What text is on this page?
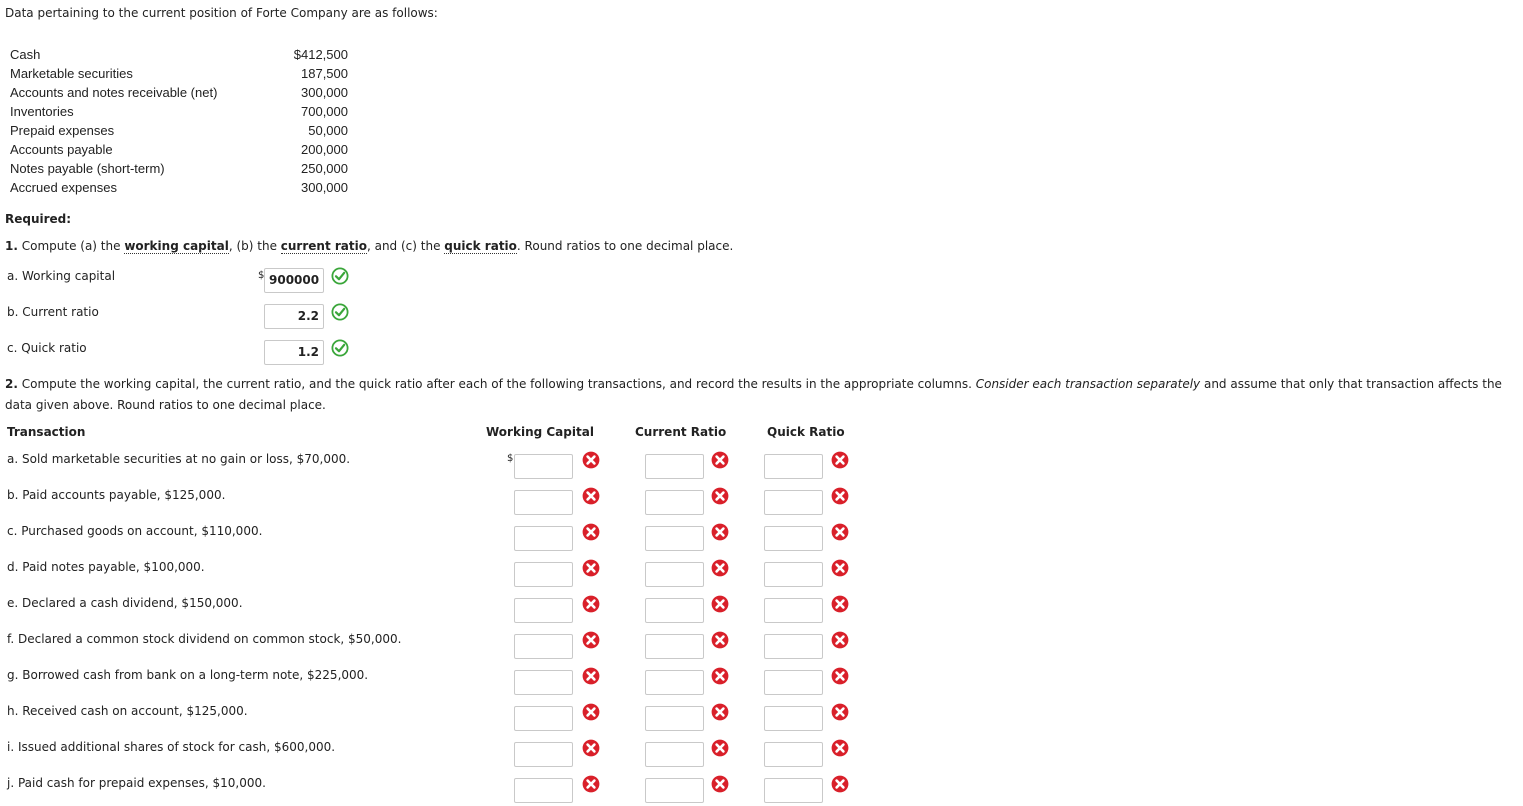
Data pertaining to the current position of Forte Company are as follows:
Cash	$412,500
Marketable securities	187,500
Accounts and notes receivable (net)	300,000
Inventories	700,000
Prepaid expenses	50,000
Accounts payable	200,000
Notes payable (short-term)	250,000
Accrued expenses	300,000
Required:
1. Compute (a) the working capital, (b) the current ratio, and (c) the quick ratio. Round ratios to one decimal place.
a. Working capital	$ 900000
b. Current ratio	2.2
c. Quick ratio	1.2
2. Compute the working capital, the current ratio, and the quick ratio after each of the following transactions, and record the results in the appropriate columns. Consider each transaction separately and assume that only that transaction affects the data given above. Round ratios to one decimal place.
Transaction	Working Capital	Current Ratio	Quick Ratio
a. Sold marketable securities at no gain or loss, $70,000.	$
b. Paid accounts payable, $125,000.
c. Purchased goods on account, $110,000.
d. Paid notes payable, $100,000.
e. Declared a cash dividend, $150,000.
f. Declared a common stock dividend on common stock, $50,000.
g. Borrowed cash from bank on a long-term note, $225,000.
h. Received cash on account, $125,000.
i. Issued additional shares of stock for cash, $600,000.
j. Paid cash for prepaid expenses, $10,000.
